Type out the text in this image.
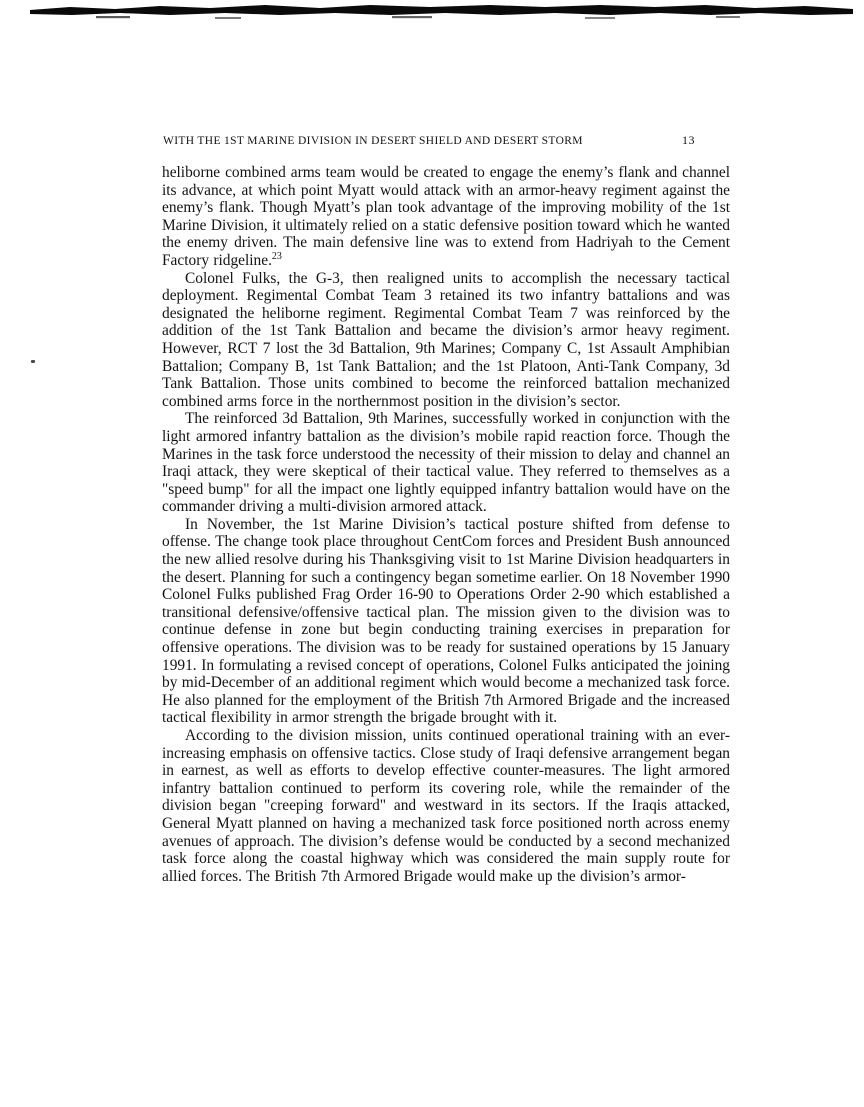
WITH THE 1ST MARINE DIVISION IN DESERT SHIELD AND DESERT STORM	13

heliborne combined arms team would be created to engage the enemy’s flank and channel its advance, at which point Myatt would attack with an armor-heavy regiment against the enemy’s flank. Though Myatt’s plan took advantage of the improving mobility of the 1st Marine Division, it ultimately relied on a static defensive position toward which he wanted the enemy driven. The main defensive line was to extend from Hadriyah to the Cement Factory ridgeline.$^{23}$

Colonel Fulks, the G-3, then realigned units to accomplish the necessary tactical deployment. Regimental Combat Team 3 retained its two infantry battalions and was designated the heliborne regiment. Regimental Combat Team 7 was reinforced by the addition of the 1st Tank Battalion and became the division’s armor heavy regiment. However, RCT 7 lost the 3d Battalion, 9th Marines; Company C, 1st Assault Amphibian Battalion; Company B, 1st Tank Battalion; and the 1st Platoon, Anti-Tank Company, 3d Tank Battalion. Those units combined to become the reinforced battalion mechanized combined arms force in the northernmost position in the division’s sector.

The reinforced 3d Battalion, 9th Marines, successfully worked in conjunction with the light armored infantry battalion as the division’s mobile rapid reaction force. Though the Marines in the task force understood the necessity of their mission to delay and channel an Iraqi attack, they were skeptical of their tactical value. They referred to themselves as a "speed bump" for all the impact one lightly equipped infantry battalion would have on the commander driving a multi-division armored attack.

In November, the 1st Marine Division’s tactical posture shifted from defense to offense. The change took place throughout CentCom forces and President Bush announced the new allied resolve during his Thanksgiving visit to 1st Marine Division headquarters in the desert. Planning for such a contingency began sometime earlier. On 18 November 1990 Colonel Fulks published Frag Order 16-90 to Operations Order 2-90 which established a transitional defensive/offensive tactical plan. The mission given to the division was to continue defense in zone but begin conducting training exercises in preparation for offensive operations. The division was to be ready for sustained operations by 15 January 1991. In formulating a revised concept of operations, Colonel Fulks anticipated the joining by mid-December of an additional regiment which would become a mechanized task force. He also planned for the employment of the British 7th Armored Brigade and the increased tactical flexibility in armor strength the brigade brought with it.

According to the division mission, units continued operational training with an ever-increasing emphasis on offensive tactics. Close study of Iraqi defensive arrangement began in earnest, as well as efforts to develop effective counter-measures. The light armored infantry battalion continued to perform its covering role, while the remainder of the division began "creeping forward" and westward in its sectors. If the Iraqis attacked, General Myatt planned on having a mechanized task force positioned north across enemy avenues of approach. The division’s defense would be conducted by a second mechanized task force along the coastal highway which was considered the main supply route for allied forces. The British 7th Armored Brigade would make up the division’s armor-
